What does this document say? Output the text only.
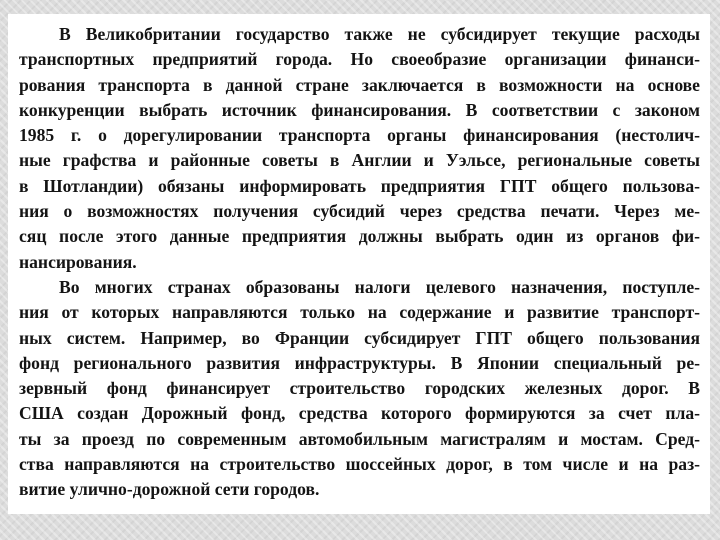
В Великобритании государство также не субсидирует текущие расходы
транспортных предприятий города. Но своеобразие организации финанси-
рования транспорта в данной стране заключается в возможности на основе
конкуренции выбрать источник финансирования. В соответствии с законом
1985 г. о дорегулировании транспорта органы финансирования (нестолич-
ные графства и районные советы в Англии и Уэльсе, региональные советы
в Шотландии) обязаны информировать предприятия ГПТ общего пользова-
ния о возможностях получения субсидий через средства печати. Через ме-
сяц после этого данные предприятия должны выбрать один из органов фи-
нансирования.
Во многих странах образованы налоги целевого назначения, поступле-
ния от которых направляются только на содержание и развитие транспорт-
ных систем. Например, во Франции субсидирует ГПТ общего пользования
фонд регионального развития инфраструктуры. В Японии специальный ре-
зервный фонд финансирует строительство городских железных дорог. В
США создан Дорожный фонд, средства которого формируются за счет пла-
ты за проезд по современным автомобильным магистралям и мостам. Сред-
ства направляются на строительство шоссейных дорог, в том числе и на раз-
витие улично-дорожной сети городов.
